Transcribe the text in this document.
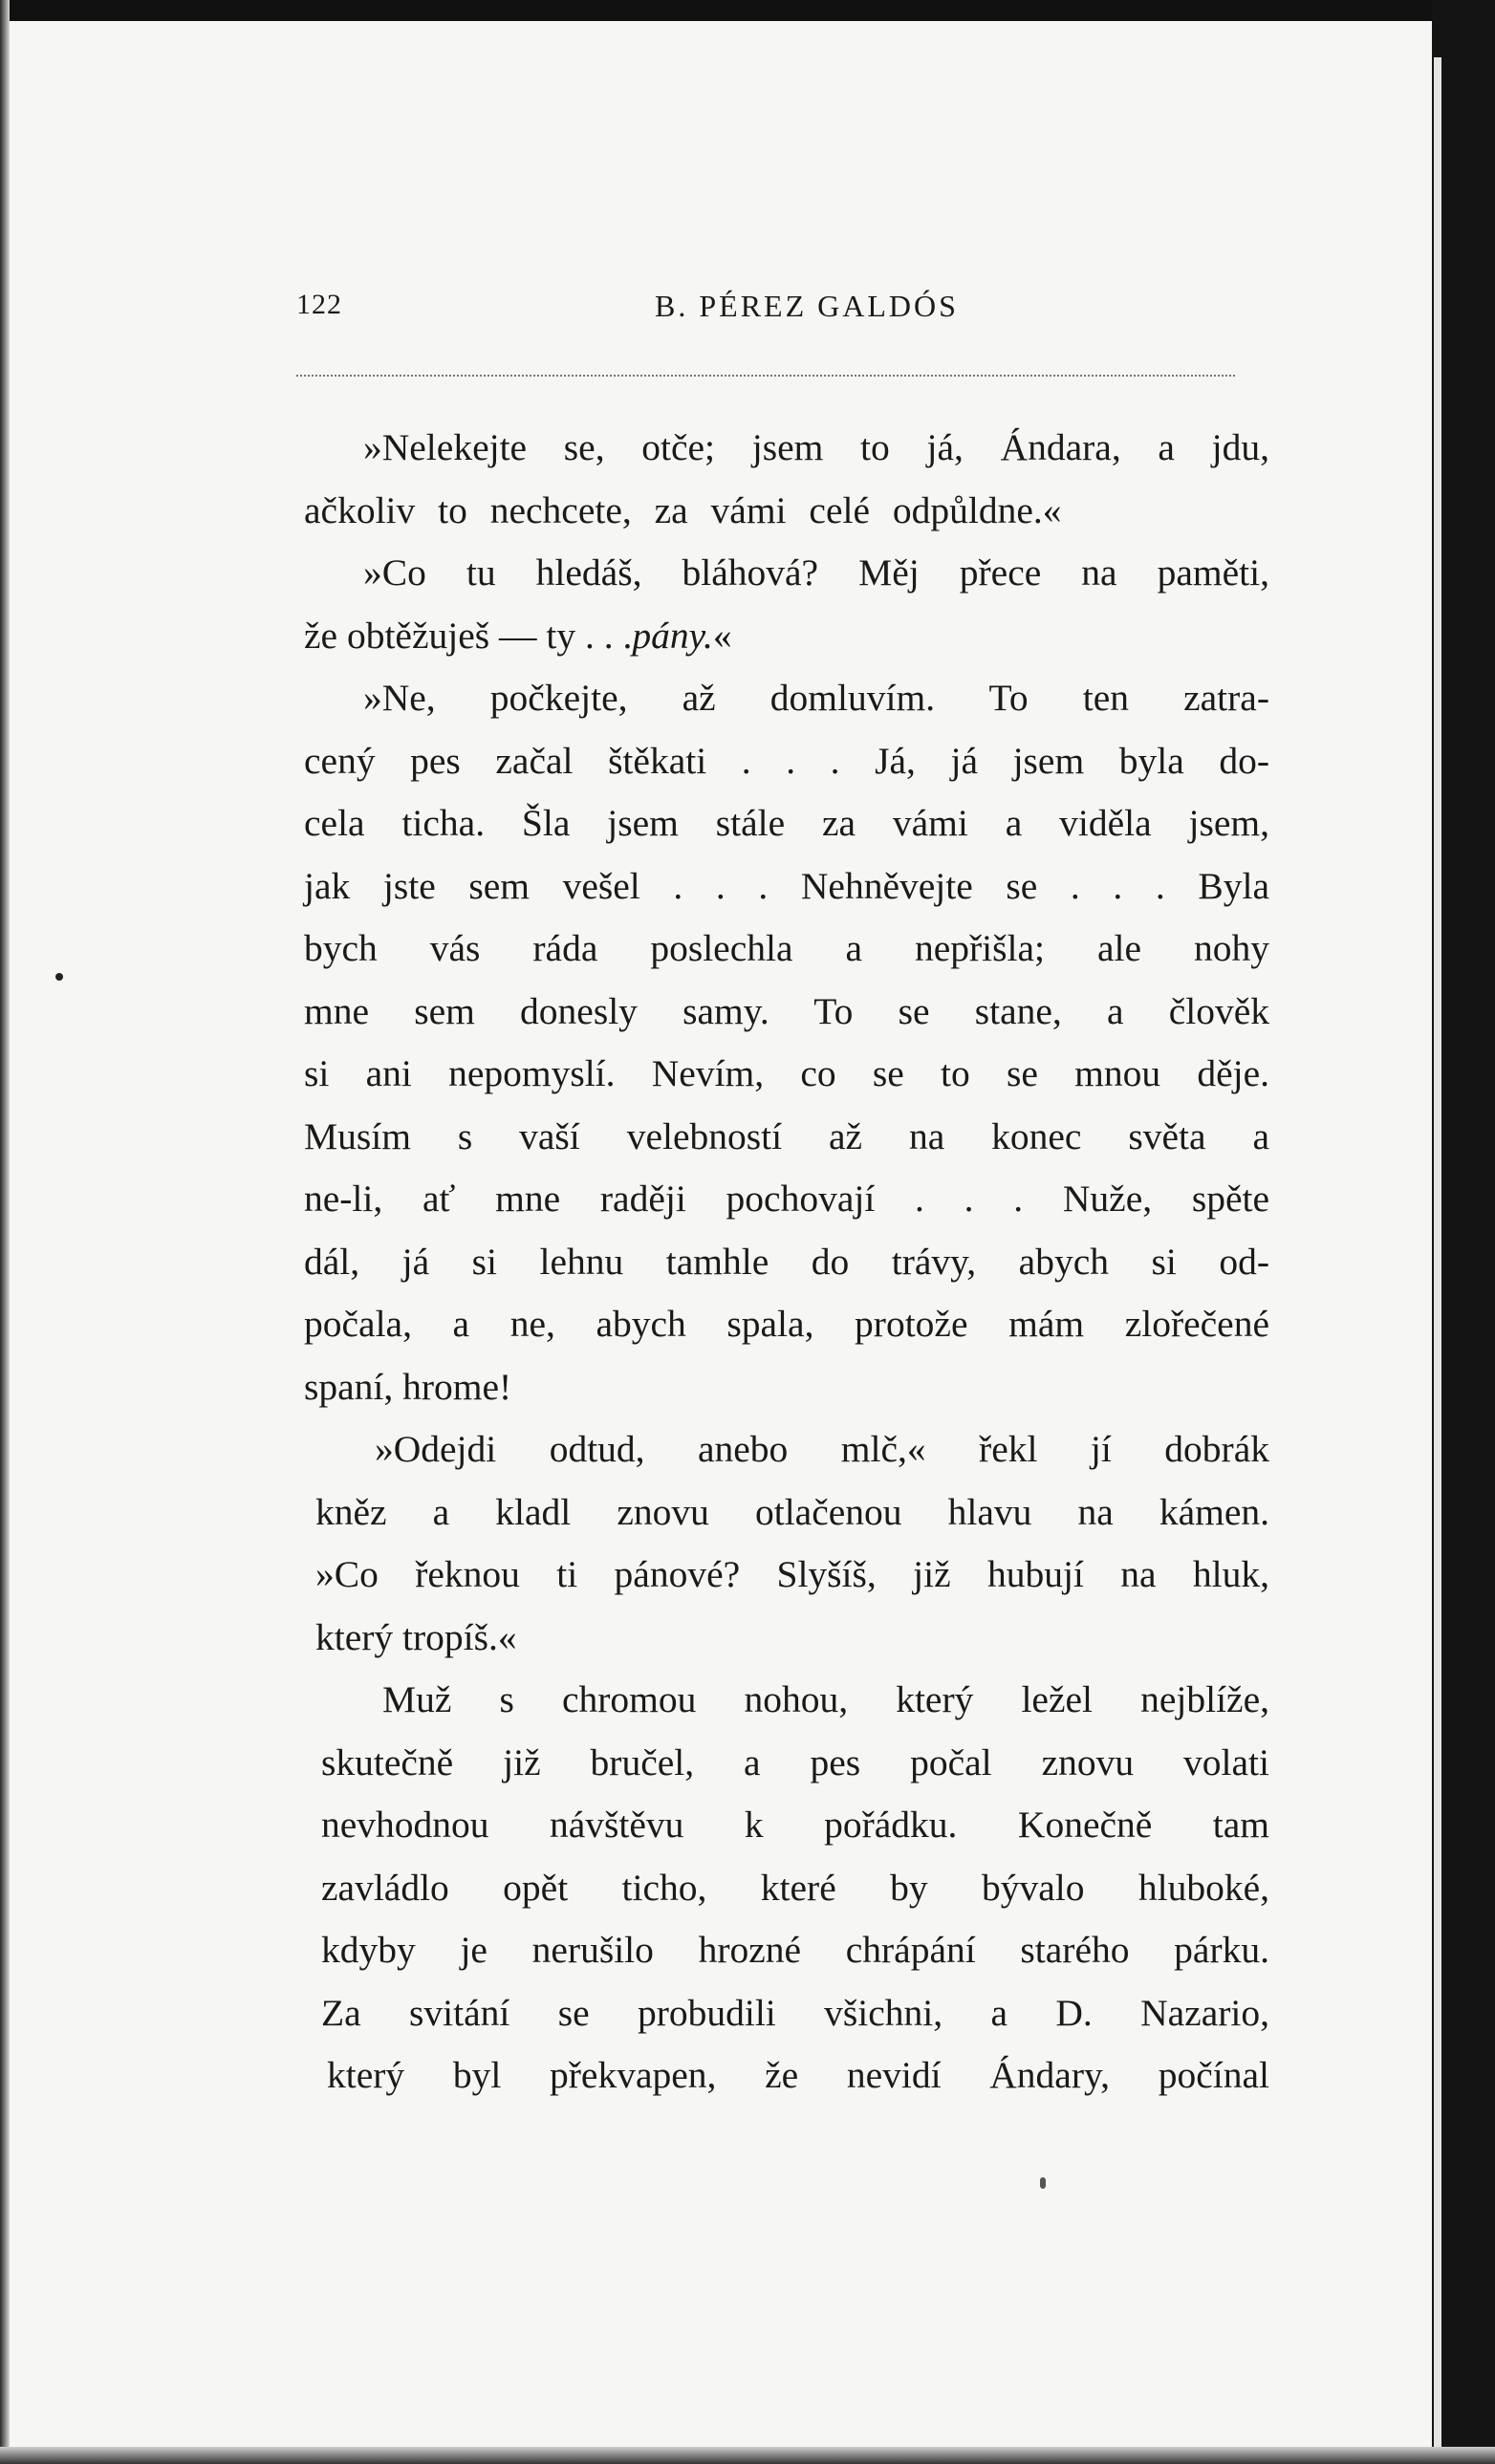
122	B. PÉREZ GALDÓS
»Nelekejte se, otče; jsem to já, Ándara, a jdu,
ačkoliv to nechcete, za vámi celé odpůldne.«
»Co tu hledáš, bláhová? Měj přece na paměti,
že obtěžuješ — ty . . .pány.«
»Ne, počkejte, až domluvím. To ten zatra-
cený pes začal štěkati . . . Já, já jsem byla do-
cela ticha. Šla jsem stále za vámi a viděla jsem,
jak jste sem vešel . . . Nehněvejte se . . . Byla
bych vás ráda poslechla a nepřišla; ale nohy
mne sem donesly samy. To se stane, a člověk
si ani nepomyslí. Nevím, co se to se mnou děje.
Musím s vaší velebností až na konec světa a
ne-li, ať mne raději pochovají . . . Nuže, spěte
dál, já si lehnu tamhle do trávy, abych si od-
počala, a ne, abych spala, protože mám zlořečené
spaní, hrome!
»Odejdi odtud, anebo mlč,« řekl jí dobrák
kněz a kladl znovu otlačenou hlavu na kámen.
»Co řeknou ti pánové? Slyšíš, již hubují na hluk,
který tropíš.«
Muž s chromou nohou, který ležel nejblíže,
skutečně již bručel, a pes počal znovu volati
nevhodnou návštěvu k pořádku. Konečně tam
zavládlo opět ticho, které by bývalo hluboké,
kdyby je nerušilo hrozné chrápání starého párku.
Za svitání se probudili všichni, a D. Nazario,
který byl překvapen, že nevidí Ándary, počínal
